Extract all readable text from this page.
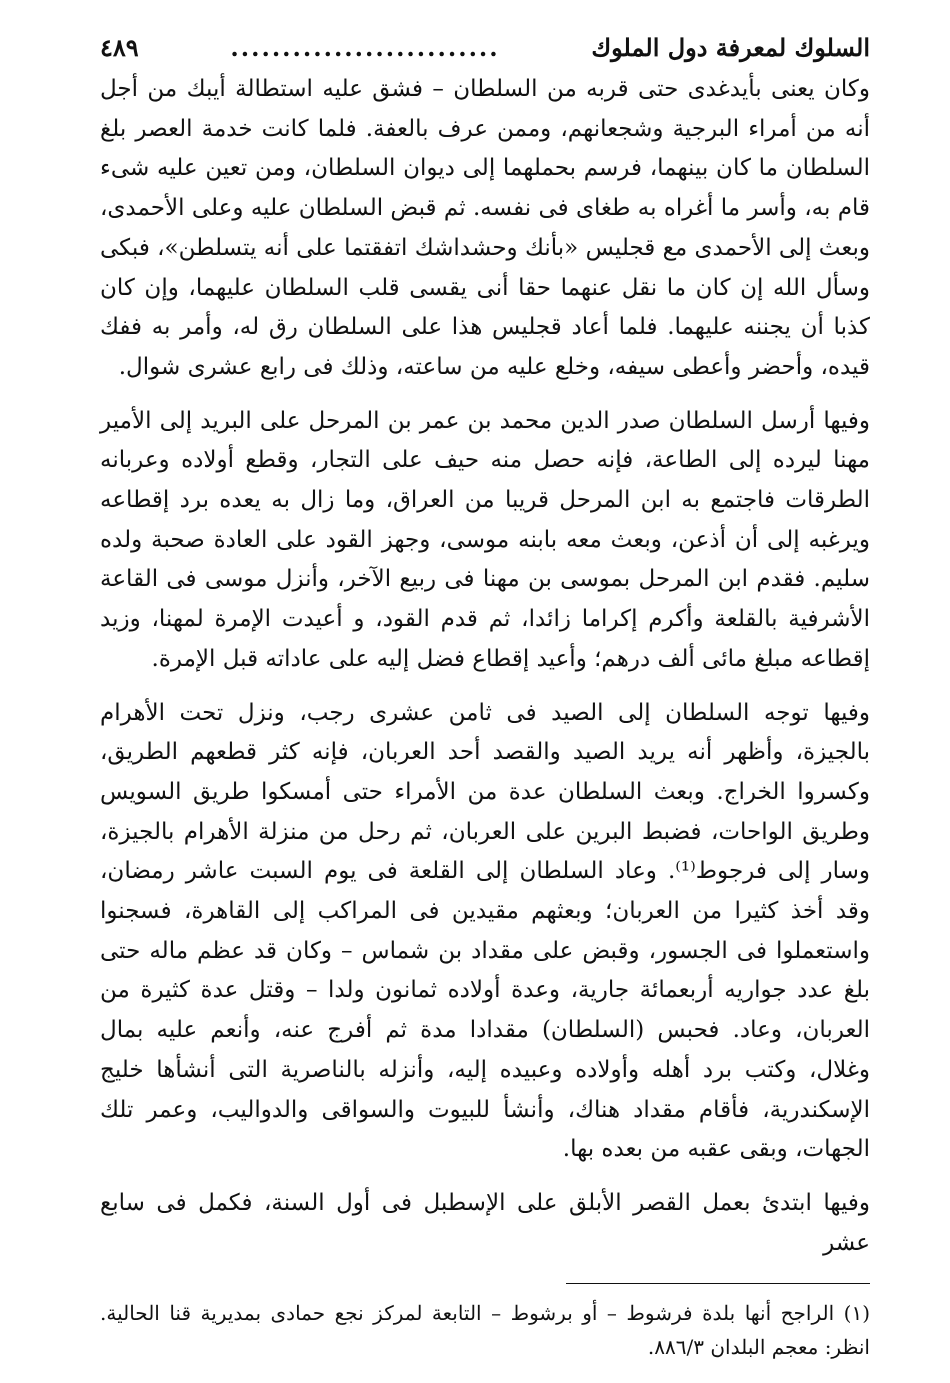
السلوك لمعرفة دول الملوك
..........................
٤٨٩

وكان يعنى بأيدغدى حتى قربه من السلطان – فشق عليه استطالة أيبك من أجل أنه من أمراء البرجية وشجعانهم، وممن عرف بالعفة. فلما كانت خدمة العصر بلغ السلطان ما كان بينهما، فرسم بحملهما إلى ديوان السلطان، ومن تعين عليه شىء قام به، وأسر ما أغراه به طغاى فى نفسه. ثم قبض السلطان عليه وعلى الأحمدى، وبعث إلى الأحمدى مع قجليس «بأنك وحشداشك اتفقتما على أنه يتسلطن»، فبكى وسأل الله إن كان ما نقل عنهما حقا أنى يقسى قلب السلطان عليهما، وإن كان كذبا أن يجننه عليهما. فلما أعاد قجليس هذا على السلطان رق له، وأمر به ففك قيده، وأحضر وأعطى سيفه، وخلع عليه من ساعته، وذلك فى رابع عشرى شوال.

وفيها أرسل السلطان صدر الدين محمد بن عمر بن المرحل على البريد إلى الأمير مهنا ليرده إلى الطاعة، فإنه حصل منه حيف على التجار، وقطع أولاده وعربانه الطرقات فاجتمع به ابن المرحل قريبا من العراق، وما زال به يعده برد إقطاعه ويرغبه إلى أن أذعن، وبعث معه بابنه موسى، وجهز القود على العادة صحبة ولده سليم. فقدم ابن المرحل بموسى بن مهنا فى ربيع الآخر، وأنزل موسى فى القاعة الأشرفية بالقلعة وأكرم إكراما زائدا، ثم قدم القود، و أعيدت الإمرة لمهنا، وزيد إقطاعه مبلغ مائى ألف درهم؛ وأعيد إقطاع فضل إليه على عاداته قبل الإمرة.

وفيها توجه السلطان إلى الصيد فى ثامن عشرى رجب، ونزل تحت الأهرام بالجيزة، وأظهر أنه يريد الصيد والقصد أحد العربان، فإنه كثر قطعهم الطريق، وكسروا الخراج. وبعث السلطان عدة من الأمراء حتى أمسكوا طريق السويس وطريق الواحات، فضبط البرين على العربان، ثم رحل من منزلة الأهرام بالجيزة، وسار إلى فرجوط⁽¹⁾. وعاد السلطان إلى القلعة فى يوم السبت عاشر رمضان، وقد أخذ كثيرا من العربان؛ وبعثهم مقيدين فى المراكب إلى القاهرة، فسجنوا واستعملوا فى الجسور، وقبض على مقداد بن شماس – وكان قد عظم ماله حتى بلغ عدد جواريه أربعمائة جارية، وعدة أولاده ثمانون ولدا – وقتل عدة كثيرة من العربان، وعاد. فحبس (السلطان) مقدادا مدة ثم أفرج عنه، وأنعم عليه بمال وغلال، وكتب برد أهله وأولاده وعبيده إليه، وأنزله بالناصرية التى أنشأها خليج الإسكندرية، فأقام مقداد هناك، وأنشأ للبيوت والسواقى والدواليب، وعمر تلك الجهات، وبقى عقبه من بعده بها.

وفيها ابتدئ بعمل القصر الأبلق على الإسطبل فى أول السنة، فكمل فى سابع عشر

(١) الراجح أنها بلدة فرشوط – أو برشوط – التابعة لمركز نجع حمادى بمديرية قنا الحالية. انظر: معجم البلدان ٨٨٦/٣.
